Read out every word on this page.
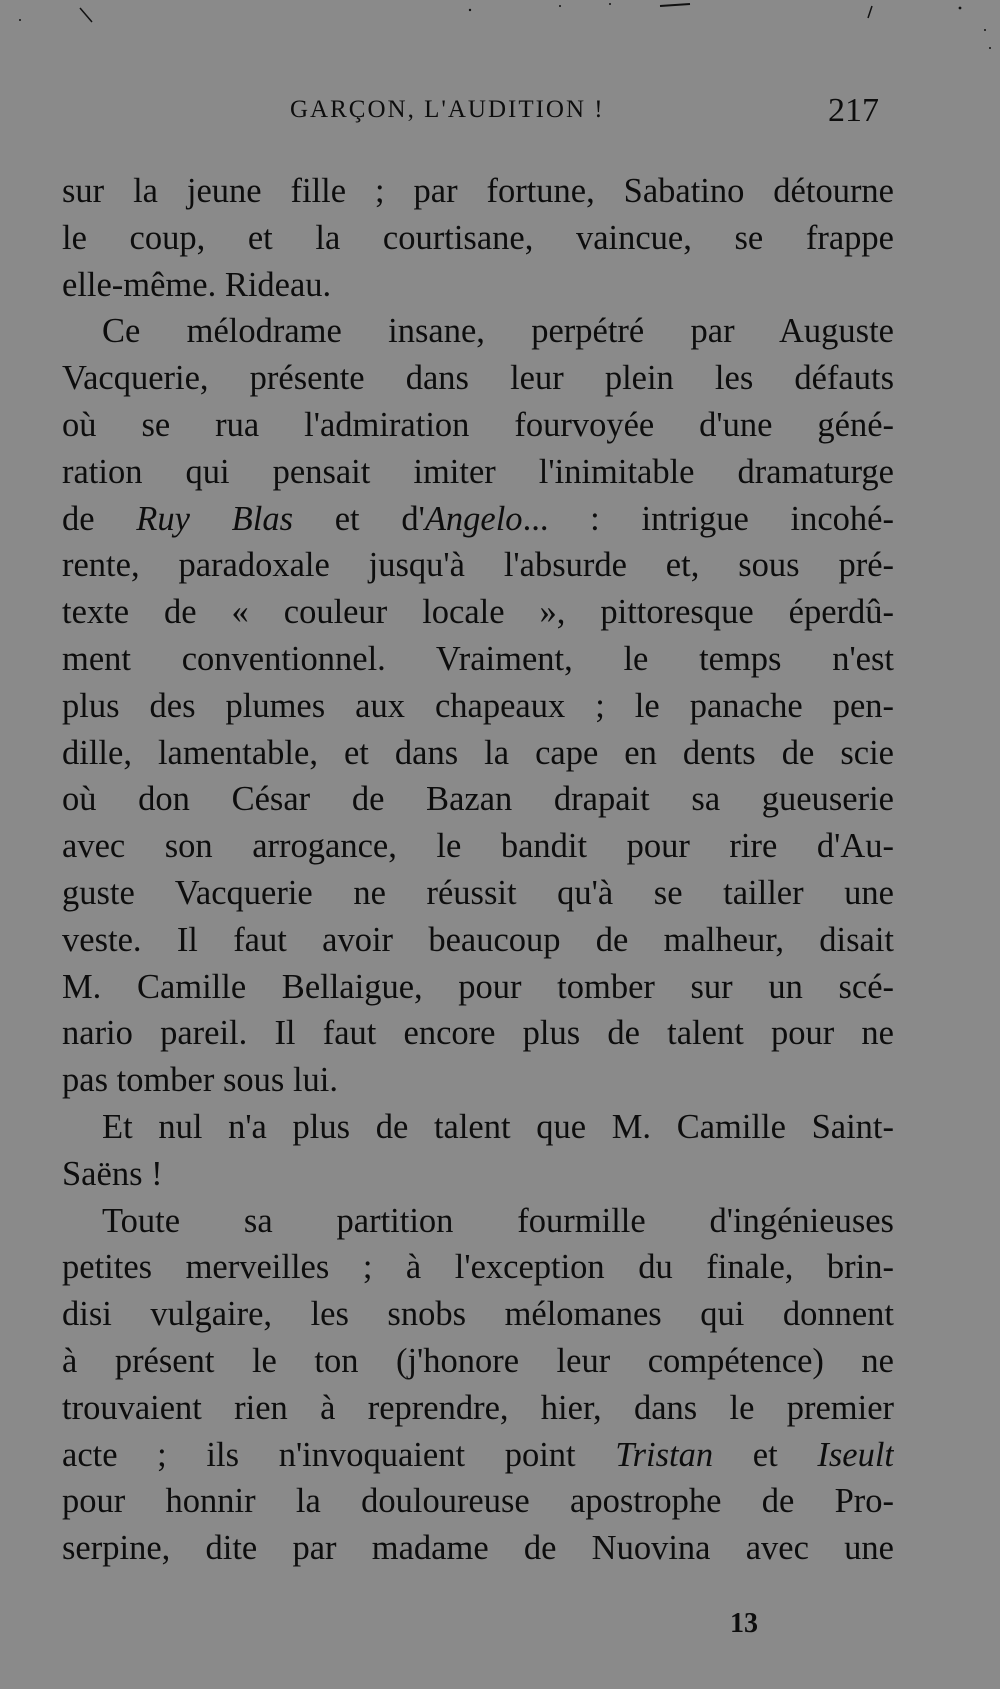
GARÇON, L'AUDITION !	217
sur la jeune fille ; par fortune, Sabatino détourne
le coup, et la courtisane, vaincue, se frappe
elle-même. Rideau.
Ce mélodrame insane, perpétré par Auguste
Vacquerie, présente dans leur plein les défauts
où se rua l'admiration fourvoyée d'une géné-
ration qui pensait imiter l'inimitable dramaturge
de Ruy Blas et d'Angelo... : intrigue incohé-
rente, paradoxale jusqu'à l'absurde et, sous pré-
texte de « couleur locale », pittoresque éperdû-
ment conventionnel. Vraiment, le temps n'est
plus des plumes aux chapeaux ; le panache pen-
dille, lamentable, et dans la cape en dents de scie
où don César de Bazan drapait sa gueuserie
avec son arrogance, le bandit pour rire d'Au-
guste Vacquerie ne réussit qu'à se tailler une
veste. Il faut avoir beaucoup de malheur, disait
M. Camille Bellaigue, pour tomber sur un scé-
nario pareil. Il faut encore plus de talent pour ne
pas tomber sous lui.
Et nul n'a plus de talent que M. Camille Saint-
Saëns !
Toute sa partition fourmille d'ingénieuses
petites merveilles ; à l'exception du finale, brin-
disi vulgaire, les snobs mélomanes qui donnent
à présent le ton (j'honore leur compétence) ne
trouvaient rien à reprendre, hier, dans le premier
acte ; ils n'invoquaient point Tristan et Iseult
pour honnir la douloureuse apostrophe de Pro-
serpine, dite par madame de Nuovina avec une
13
